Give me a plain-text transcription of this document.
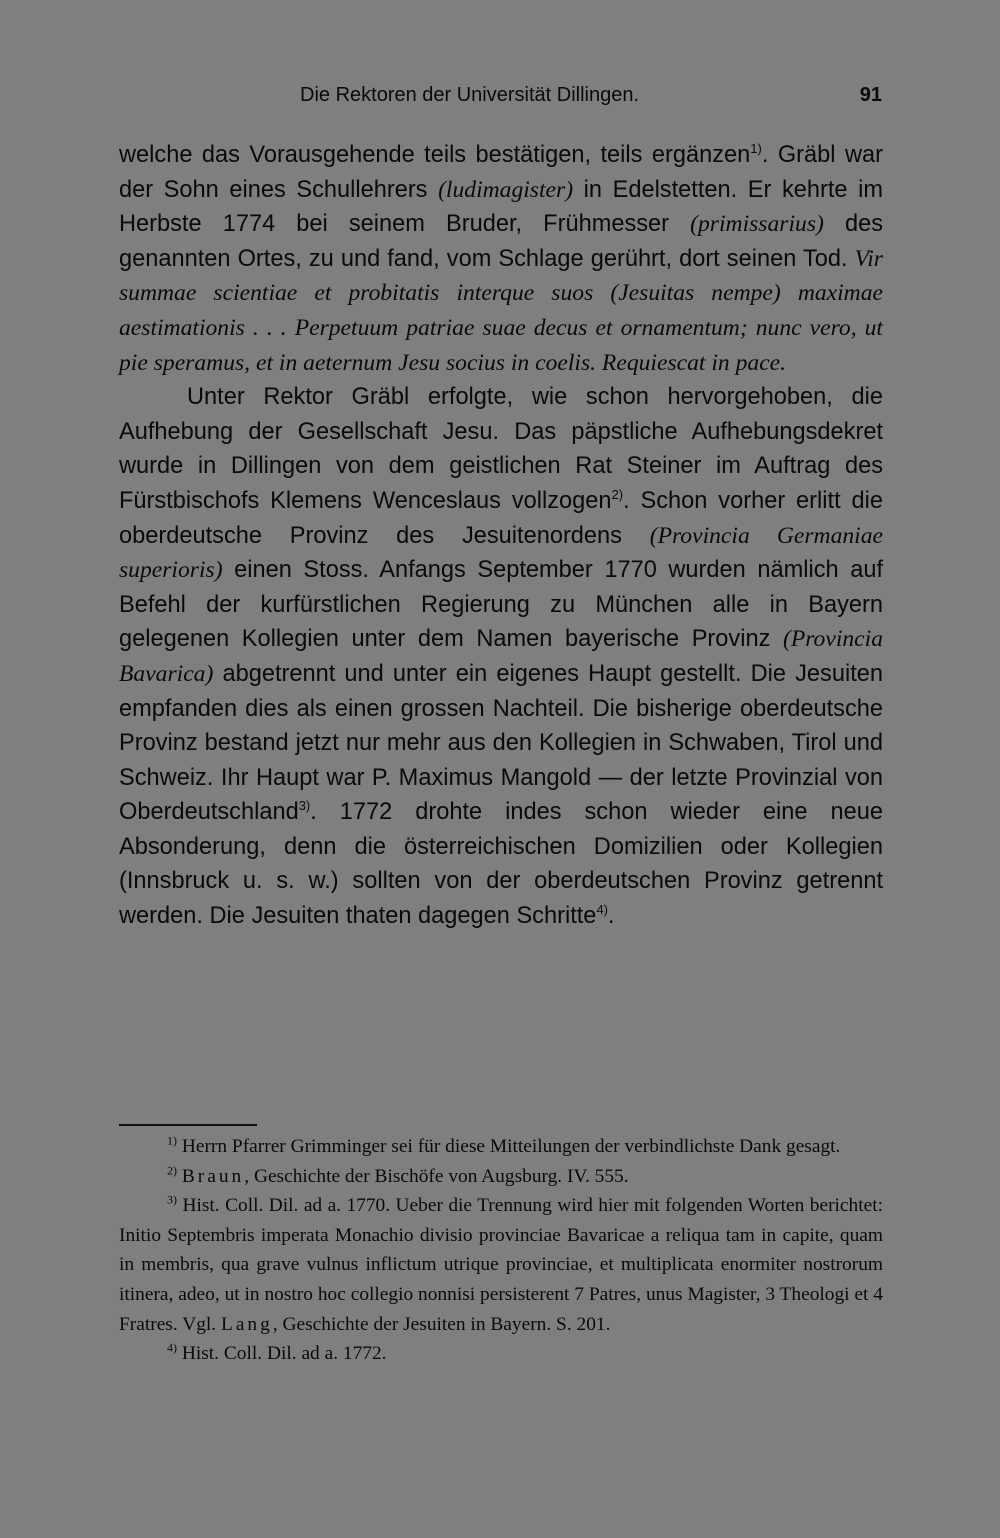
Die Rektoren der Universität Dillingen.	91

welche das Vorausgehende teils bestätigen, teils ergänzen$^{1)}$. Gräbl war der Sohn eines Schullehrers (ludimagister) in Edelstetten. Er kehrte im Herbste 1774 bei seinem Bruder, Frühmesser (primissarius) des genannten Ortes, zu und fand, vom Schlage gerührt, dort seinen Tod. Vir summae scientiae et probitatis interque suos (Jesuitas nempe) maximae aestimationis . . . Perpetuum patriae suae decus et ornamentum; nunc vero, ut pie speramus, et in aeternum Jesu socius in coelis. Requiescat in pace.

Unter Rektor Gräbl erfolgte, wie schon hervorgehoben, die Aufhebung der Gesellschaft Jesu. Das päpstliche Aufhebungsdekret wurde in Dillingen von dem geistlichen Rat Steiner im Auftrag des Fürstbischofs Klemens Wenceslaus vollzogen$^{2)}$. Schon vorher erlitt die oberdeutsche Provinz des Jesuitenordens (Provincia Germaniae superioris) einen Stoss. Anfangs September 1770 wurden nämlich auf Befehl der kurfürstlichen Regierung zu München alle in Bayern gelegenen Kollegien unter dem Namen bayerische Provinz (Provincia Bavarica) abgetrennt und unter ein eigenes Haupt gestellt. Die Jesuiten empfanden dies als einen grossen Nachteil. Die bisherige oberdeutsche Provinz bestand jetzt nur mehr aus den Kollegien in Schwaben, Tirol und Schweiz. Ihr Haupt war P. Maximus Mangold — der letzte Provinzial von Oberdeutschland$^{3)}$. 1772 drohte indes schon wieder eine neue Absonderung, denn die österreichischen Domizilien oder Kollegien (Innsbruck u. s. w.) sollten von der oberdeutschen Provinz getrennt werden. Die Jesuiten thaten dagegen Schritte$^{4)}$.

$^{1)}$ Herrn Pfarrer Grimminger sei für diese Mitteilungen der verbindlichste Dank gesagt.

$^{2)}$ Braun, Geschichte der Bischöfe von Augsburg. IV. 555.

$^{3)}$ Hist. Coll. Dil. ad a. 1770. Ueber die Trennung wird hier mit folgenden Worten berichtet: Initio Septembris imperata Monachio divisio provinciae Bavaricae a reliqua tam in capite, quam in membris, qua grave vulnus inflictum utrique provinciae, et multiplicata enormiter nostrorum itinera, adeo, ut in nostro hoc collegio nonnisi persisterent 7 Patres, unus Magister, 3 Theologi et 4 Fratres. Vgl. Lang, Geschichte der Jesuiten in Bayern. S. 201.

$^{4)}$ Hist. Coll. Dil. ad a. 1772.
